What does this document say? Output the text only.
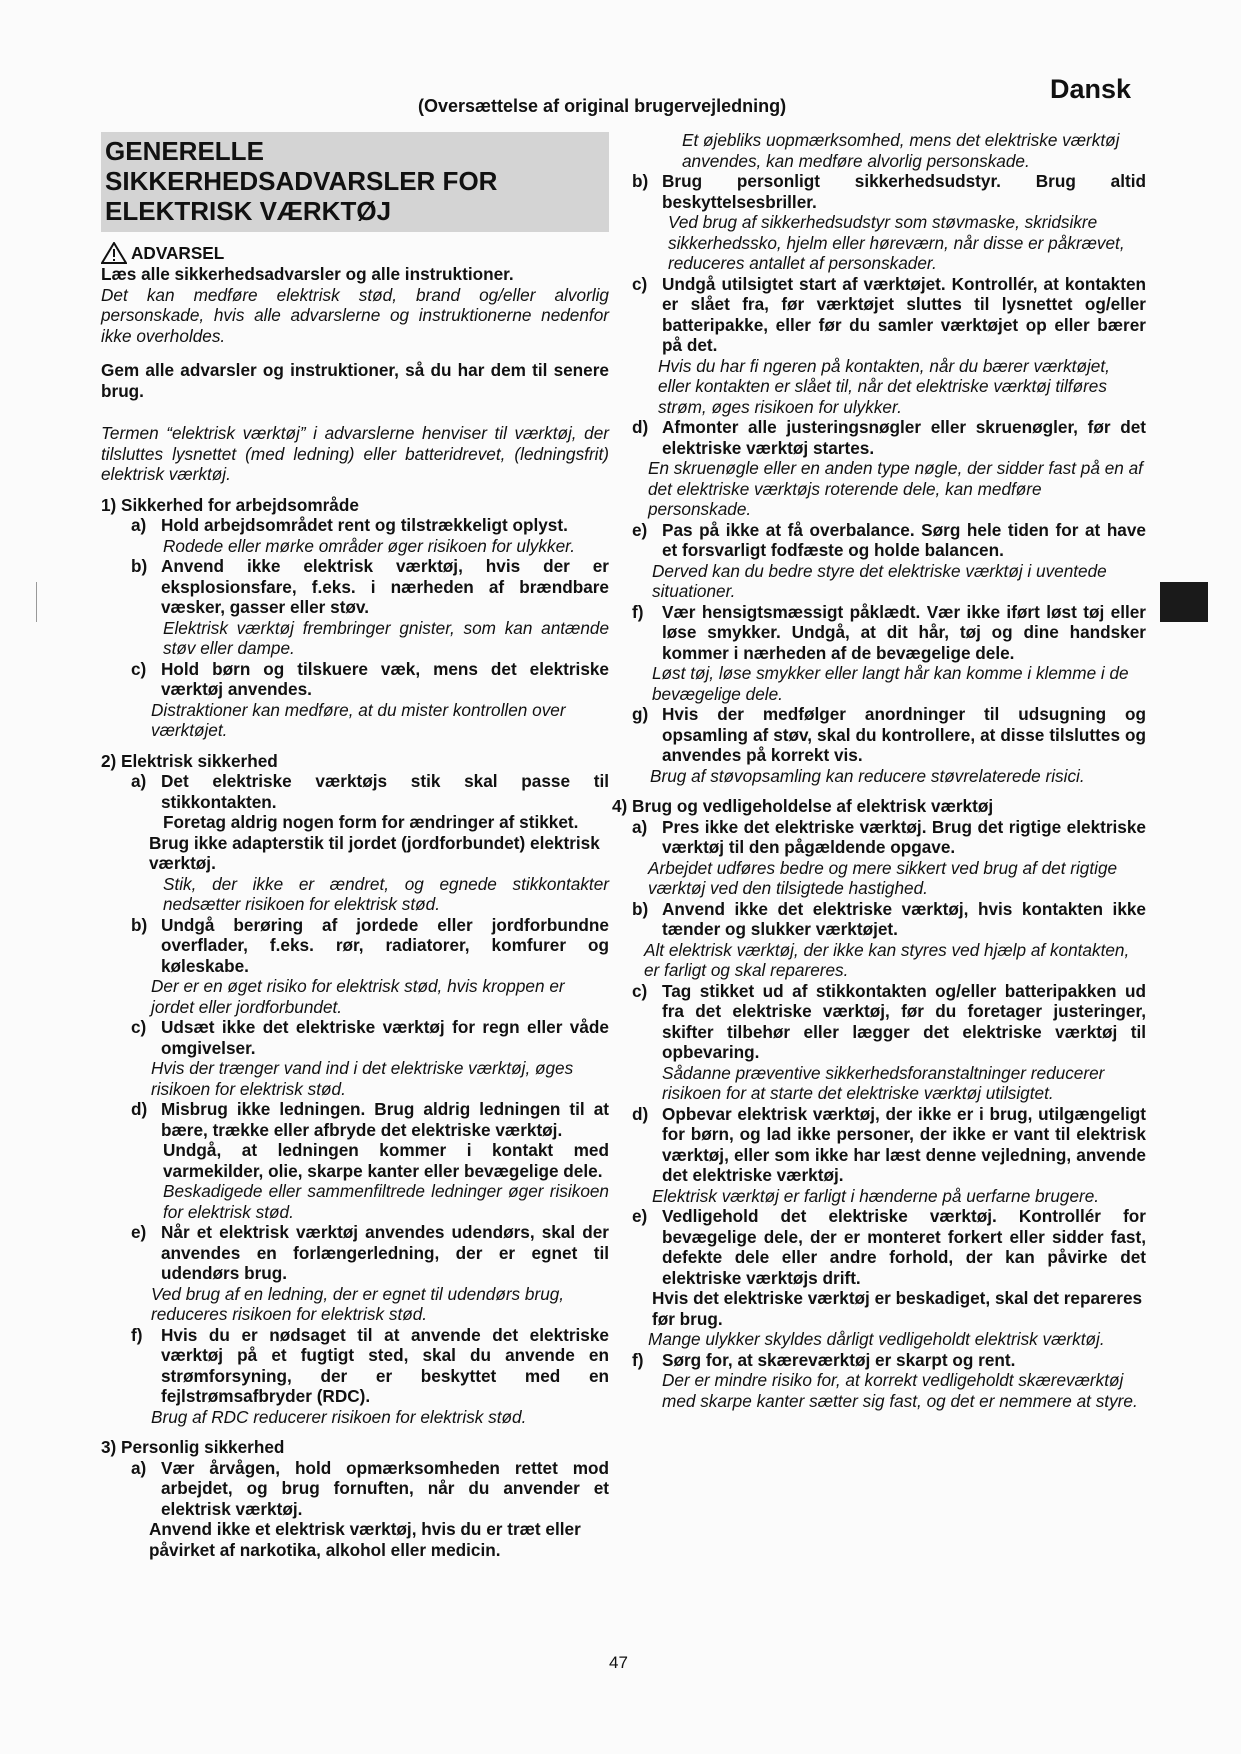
Dansk
(Oversættelse af original brugervejledning)
47
GENERELLE
SIKKERHEDSADVARSLER FOR
ELEKTRISK VÆRKTØJ
ADVARSEL
Læs alle sikkerhedsadvarsler og alle instruktioner.
Det kan medføre elektrisk stød, brand og/eller alvorlig personskade, hvis alle advarslerne og instruktionerne nedenfor ikke overholdes.
Gem alle advarsler og instruktioner, så du har dem til senere brug.
Termen “elektrisk værktøj” i advarslerne henviser til værktøj, der tilsluttes lysnettet (med ledning) eller batteridrevet, (ledningsfrit) elektrisk værktøj.
1) Sikkerhed for arbejdsområde
a) Hold arbejdsområdet rent og tilstrækkeligt oplyst.
Rodede eller mørke områder øger risikoen for ulykker.
b) Anvend ikke elektrisk værktøj, hvis der er eksplosionsfare, f.eks. i nærheden af brændbare væsker, gasser eller støv.
Elektrisk værktøj frembringer gnister, som kan antænde støv eller dampe.
c) Hold børn og tilskuere væk, mens det elektriske værktøj anvendes.
Distraktioner kan medføre, at du mister kontrollen over værktøjet.
2) Elektrisk sikkerhed
a) Det elektriske værktøjs stik skal passe til stikkontakten.
Foretag aldrig nogen form for ændringer af stikket.
Brug ikke adapterstik til jordet (jordforbundet) elektrisk værktøj.
Stik, der ikke er ændret, og egnede stikkontakter nedsætter risikoen for elektrisk stød.
b) Undgå berøring af jordede eller jordforbundne overflader, f.eks. rør, radiatorer, komfurer og køleskabe.
Der er en øget risiko for elektrisk stød, hvis kroppen er jordet eller jordforbundet.
c) Udsæt ikke det elektriske værktøj for regn eller våde omgivelser.
Hvis der trænger vand ind i det elektriske værktøj, øges risikoen for elektrisk stød.
d) Misbrug ikke ledningen. Brug aldrig ledningen til at bære, trække eller afbryde det elektriske værktøj.
Undgå, at ledningen kommer i kontakt med varmekilder, olie, skarpe kanter eller bevægelige dele.
Beskadigede eller sammenfiltrede ledninger øger risikoen for elektrisk stød.
e) Når et elektrisk værktøj anvendes udendørs, skal der anvendes en forlængerledning, der er egnet til udendørs brug.
Ved brug af en ledning, der er egnet til udendørs brug, reduceres risikoen for elektrisk stød.
f)	Hvis du er nødsaget til at anvende det elektriske værktøj på et fugtigt sted, skal du anvende en strømforsyning, der er beskyttet med en fejlstrømsafbryder (RDC).
Brug af RDC reducerer risikoen for elektrisk stød.
3) Personlig sikkerhed
a) Vær årvågen, hold opmærksomheden rettet mod arbejdet, og brug fornuften, når du anvender et elektrisk værktøj.
Anvend ikke et elektrisk værktøj, hvis du er træt eller påvirket af narkotika, alkohol eller medicin.
Et øjebliks uopmærksomhed, mens det elektriske værktøj anvendes, kan medføre alvorlig personskade.
b) Brug personligt sikkerhedsudstyr. Brug altid beskyttelsesbriller.
Ved brug af sikkerhedsudstyr som støvmaske, skridsikre sikkerhedssko, hjelm eller høreværn, når disse er påkrævet, reduceres antallet af personskader.
c) Undgå utilsigtet start af værktøjet. Kontrollér, at kontakten er slået fra, før værktøjet sluttes til lysnettet og/eller batteripakke, eller før du samler værktøjet op eller bærer på det.
Hvis du har fi ngeren på kontakten, når du bærer værktøjet, eller kontakten er slået til, når det elektriske værktøj tilføres strøm, øges risikoen for ulykker.
d) Afmonter alle justeringsnøgler eller skruenøgler, før det elektriske værktøj startes.
En skruenøgle eller en anden type nøgle, der sidder fast på en af det elektriske værktøjs roterende dele, kan medføre personskade.
e) Pas på ikke at få overbalance. Sørg hele tiden for at have et forsvarligt fodfæste og holde balancen.
Derved kan du bedre styre det elektriske værktøj i uventede situationer.
f)	Vær hensigtsmæssigt påklædt. Vær ikke iført løst tøj eller løse smykker. Undgå, at dit hår, tøj og dine handsker kommer i nærheden af de bevægelige dele.
Løst tøj, løse smykker eller langt hår kan komme i klemme i de bevægelige dele.
g) Hvis der medfølger anordninger til udsugning og opsamling af støv, skal du kontrollere, at disse tilsluttes og anvendes på korrekt vis.
Brug af støvopsamling kan reducere støvrelaterede risici.
4) Brug og vedligeholdelse af elektrisk værktøj
a) Pres ikke det elektriske værktøj. Brug det rigtige elektriske værktøj til den pågældende opgave.
Arbejdet udføres bedre og mere sikkert ved brug af det rigtige værktøj ved den tilsigtede hastighed.
b) Anvend ikke det elektriske værktøj, hvis kontakten ikke tænder og slukker værktøjet.
Alt elektrisk værktøj, der ikke kan styres ved hjælp af kontakten, er farligt og skal repareres.
c) Tag stikket ud af stikkontakten og/eller batteripakken ud fra det elektriske værktøj, før du foretager justeringer, skifter tilbehør eller lægger det elektriske værktøj til opbevaring.
Sådanne præventive sikkerhedsforanstaltninger reducerer risikoen for at starte det elektriske værktøj utilsigtet.
d) Opbevar elektrisk værktøj, der ikke er i brug, utilgængeligt for børn, og lad ikke personer, der ikke er vant til elektrisk værktøj, eller som ikke har læst denne vejledning, anvende det elektriske værktøj.
Elektrisk værktøj er farligt i hænderne på uerfarne brugere.
e) Vedligehold det elektriske værktøj. Kontrollér for bevægelige dele, der er monteret forkert eller sidder fast, defekte dele eller andre forhold, der kan påvirke det elektriske værktøjs drift.
Hvis det elektriske værktøj er beskadiget, skal det repareres før brug.
Mange ulykker skyldes dårligt vedligeholdt elektrisk værktøj.
f)	Sørg for, at skæreværktøj er skarpt og rent.
Der er mindre risiko for, at korrekt vedligeholdt skæreværktøj med skarpe kanter sætter sig fast, og det er nemmere at styre.
